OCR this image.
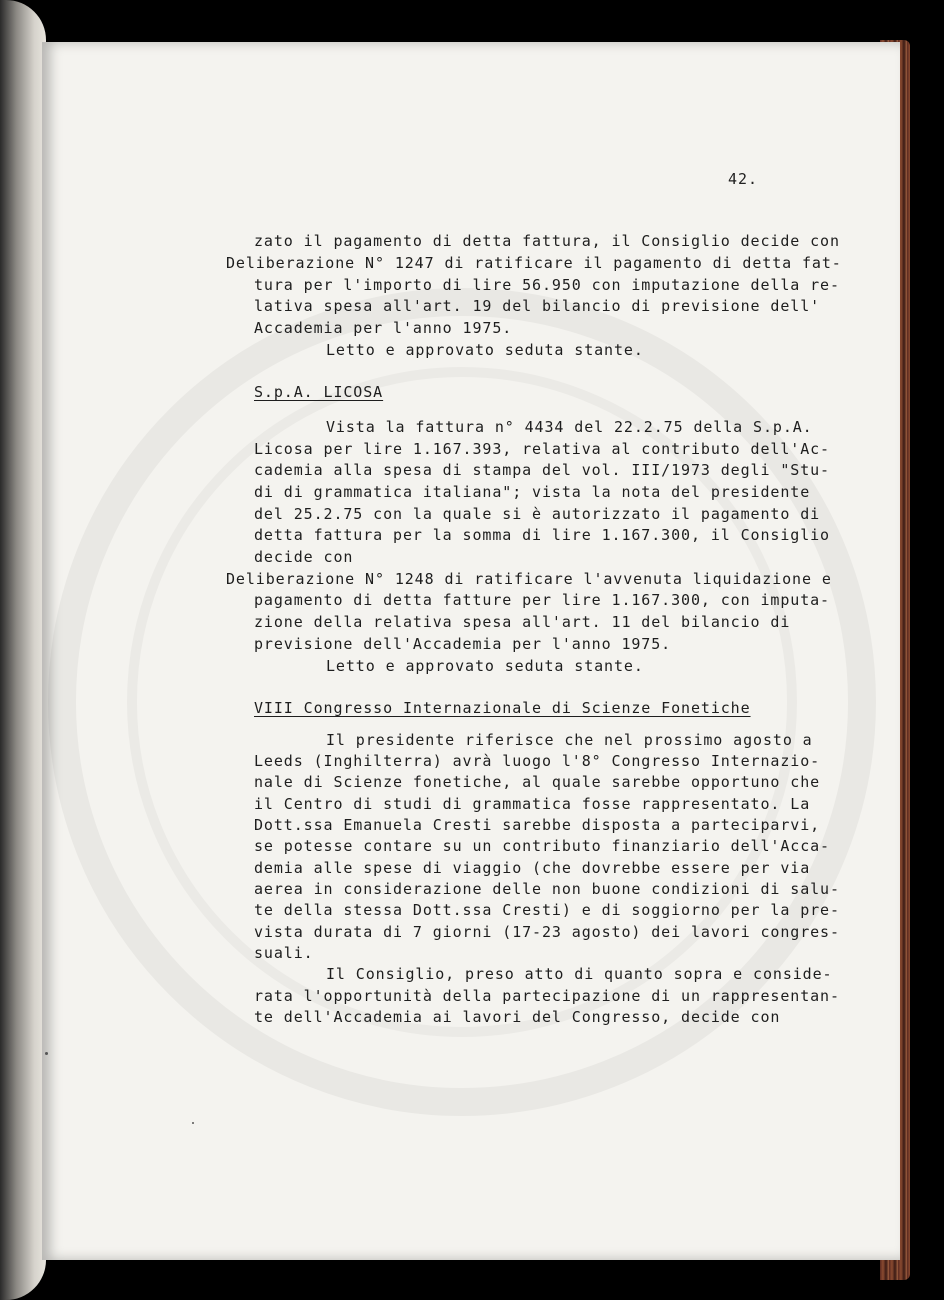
42.
zato il pagamento di detta fattura, il Consiglio decide con
Deliberazione N° 1247 di ratificare il pagamento di detta fat-
tura per l'importo di lire 56.950 con imputazione della re-
lativa spesa all'art. 19 del bilancio di previsione dell'
Accademia per l'anno 1975.
Letto e approvato seduta stante.
S.p.A. LICOSA
Vista la fattura n° 4434 del 22.2.75 della S.p.A.
Licosa per lire 1.167.393, relativa al contributo dell'Ac-
cademia alla spesa di stampa del vol. III/1973 degli "Stu-
di di grammatica italiana"; vista la nota del presidente
del 25.2.75 con la quale si è autorizzato il pagamento di
detta fattura per la somma di lire 1.167.300, il Consiglio
decide con
Deliberazione N° 1248 di ratificare l'avvenuta liquidazione e
pagamento di detta fatture per lire 1.167.300, con imputa-
zione della relativa spesa all'art. 11 del bilancio di
previsione dell'Accademia per l'anno 1975.
Letto e approvato seduta stante.
VIII Congresso Internazionale di Scienze Fonetiche
Il presidente riferisce che nel prossimo agosto a
Leeds (Inghilterra) avrà luogo l'8° Congresso Internazio-
nale di Scienze fonetiche, al quale sarebbe opportuno che
il Centro di studi di grammatica fosse rappresentato. La
Dott.ssa Emanuela Cresti sarebbe disposta a parteciparvi,
se potesse contare su un contributo finanziario dell'Acca-
demia alle spese di viaggio (che dovrebbe essere per via
aerea in considerazione delle non buone condizioni di salu-
te della stessa Dott.ssa Cresti) e di soggiorno per la pre-
vista durata di 7 giorni (17-23 agosto) dei lavori congres-
suali.
Il Consiglio, preso atto di quanto sopra e conside-
rata l'opportunità della partecipazione di un rappresentan-
te dell'Accademia ai lavori del Congresso, decide con
